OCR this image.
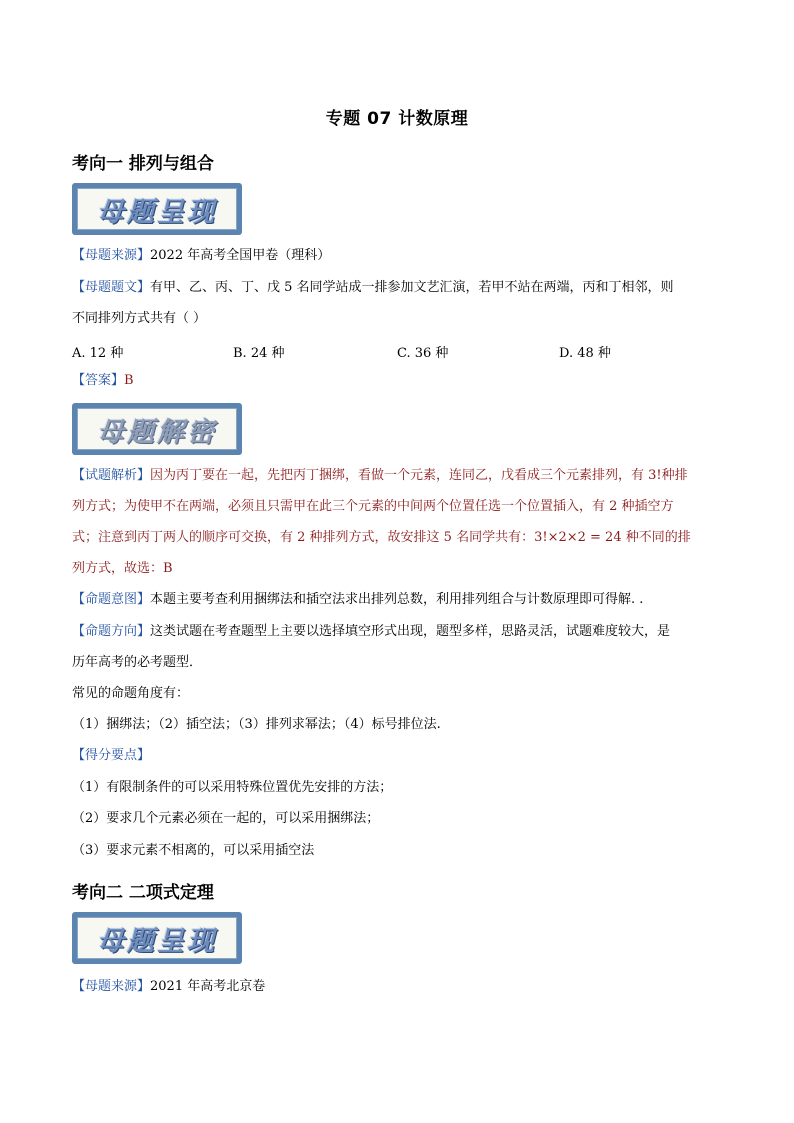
专题 07 计数原理
考向一 排列与组合
母题呈现
【母题来源】2022 年高考全国甲卷（理科）
【母题题文】有甲、乙、丙、丁、戊 5 名同学站成一排参加文艺汇演，若甲不站在两端，丙和丁相邻，则
不同排列方式共有（ ）
A. 12 种	B. 24 种	C. 36 种	D. 48 种
【答案】B
母题解密
【试题解析】因为丙丁要在一起，先把丙丁捆绑，看做一个元素，连同乙，戊看成三个元素排列，有 3!种排
列方式；为使甲不在两端，必须且只需甲在此三个元素的中间两个位置任选一个位置插入，有 2 种插空方
式；注意到丙丁两人的顺序可交换，有 2 种排列方式，故安排这 5 名同学共有：3!×2×2 = 24 种不同的排
列方式，故选：B
【命题意图】本题主要考查利用捆绑法和插空法求出排列总数，利用排列组合与计数原理即可得解. .
【命题方向】这类试题在考查题型上主要以选择填空形式出现，题型多样，思路灵活，试题难度较大，是
历年高考的必考题型．
常见的命题角度有：
（1）捆绑法；（2）插空法；（3）排列求幂法；（4）标号排位法.
【得分要点】
（1）有限制条件的可以采用特殊位置优先安排的方法；
（2）要求几个元素必须在一起的，可以采用捆绑法；
（3）要求元素不相离的，可以采用插空法
考向二 二项式定理
母题呈现
【母题来源】2021 年高考北京卷
